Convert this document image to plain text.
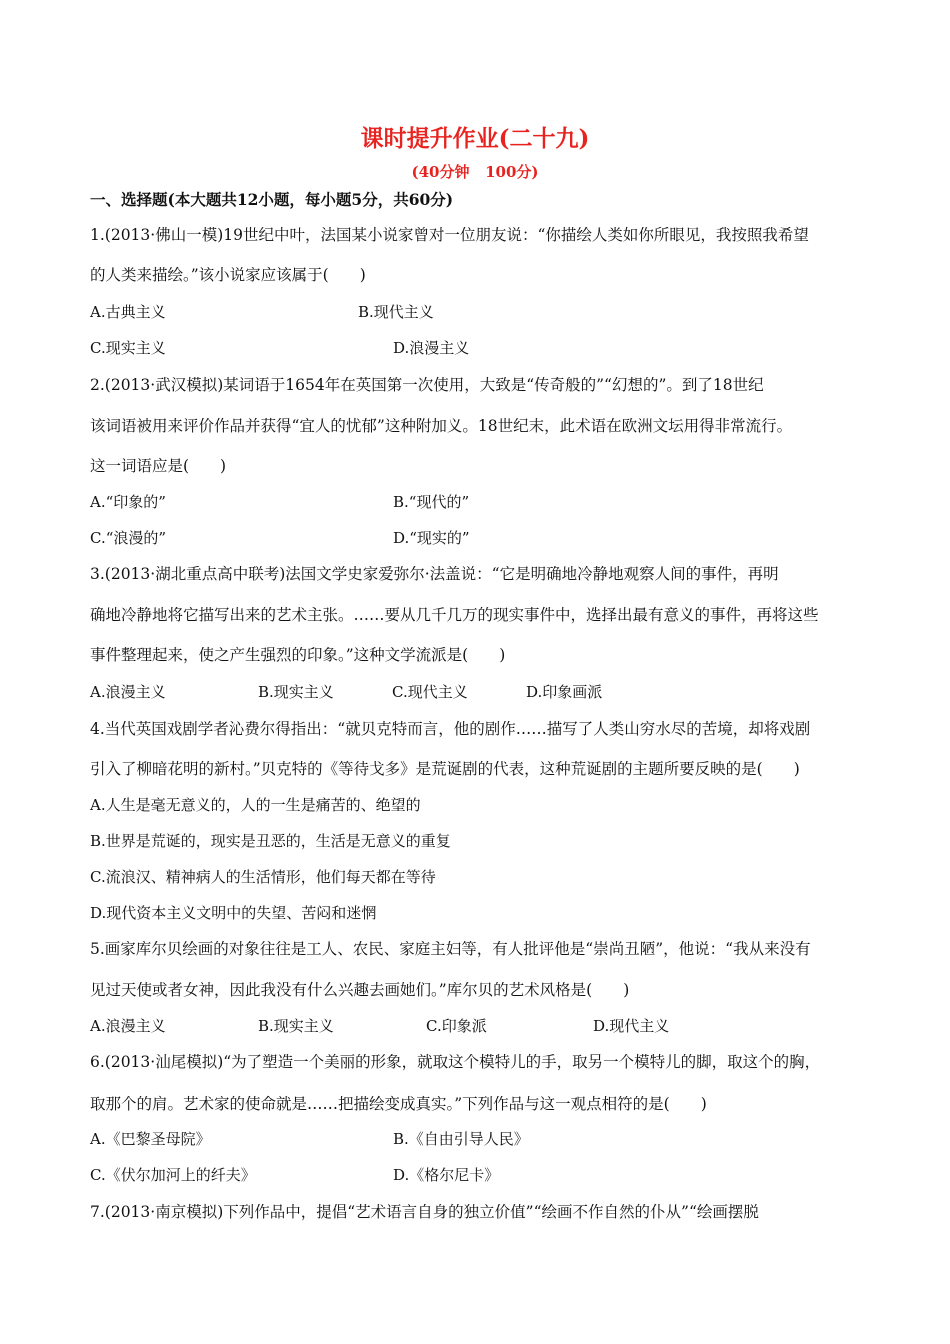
课时提升作业(二十九)
(40分钟   100分)
一、选择题(本大题共12小题，每小题5分，共60分)
1.(2013·佛山一模)19世纪中叶，法国某小说家曾对一位朋友说：“你描绘人类如你所眼见，我按照我希望
的人类来描绘。”该小说家应该属于(　　)
A.古典主义	B.现代主义
C.现实主义	D.浪漫主义
2.(2013·武汉模拟)某词语于1654年在英国第一次使用，大致是“传奇般的”“幻想的”。到了18世纪
该词语被用来评价作品并获得“宜人的忧郁”这种附加义。18世纪末，此术语在欧洲文坛用得非常流行。
这一词语应是(　　)
A.“印象的”	B.“现代的”
C.“浪漫的”	D.“现实的”
3.(2013·湖北重点高中联考)法国文学史家爱弥尔·法盖说：“它是明确地冷静地观察人间的事件，再明
确地冷静地将它描写出来的艺术主张。……要从几千几万的现实事件中，选择出最有意义的事件，再将这些
事件整理起来，使之产生强烈的印象。”这种文学流派是(　　)
A.浪漫主义	B.现实主义	C.现代主义	D.印象画派
4.当代英国戏剧学者沁费尔得指出：“就贝克特而言，他的剧作……描写了人类山穷水尽的苦境，却将戏剧
引入了柳暗花明的新村。”贝克特的《等待戈多》是荒诞剧的代表，这种荒诞剧的主题所要反映的是(　　)
A.人生是毫无意义的，人的一生是痛苦的、绝望的
B.世界是荒诞的，现实是丑恶的，生活是无意义的重复
C.流浪汉、精神病人的生活情形，他们每天都在等待
D.现代资本主义文明中的失望、苦闷和迷惘
5.画家库尔贝绘画的对象往往是工人、农民、家庭主妇等，有人批评他是“崇尚丑陋”，他说：“我从来没有
见过天使或者女神，因此我没有什么兴趣去画她们。”库尔贝的艺术风格是(　　)
A.浪漫主义	B.现实主义	C.印象派	D.现代主义
6.(2013·汕尾模拟)“为了塑造一个美丽的形象，就取这个模特儿的手，取另一个模特儿的脚，取这个的胸，
取那个的肩。艺术家的使命就是……把描绘变成真实。”下列作品与这一观点相符的是(　　)
A.《巴黎圣母院》	B.《自由引导人民》
C.《伏尔加河上的纤夫》	D.《格尔尼卡》
7.(2013·南京模拟)下列作品中，提倡“艺术语言自身的独立价值”“绘画不作自然的仆从”“绘画摆脱
